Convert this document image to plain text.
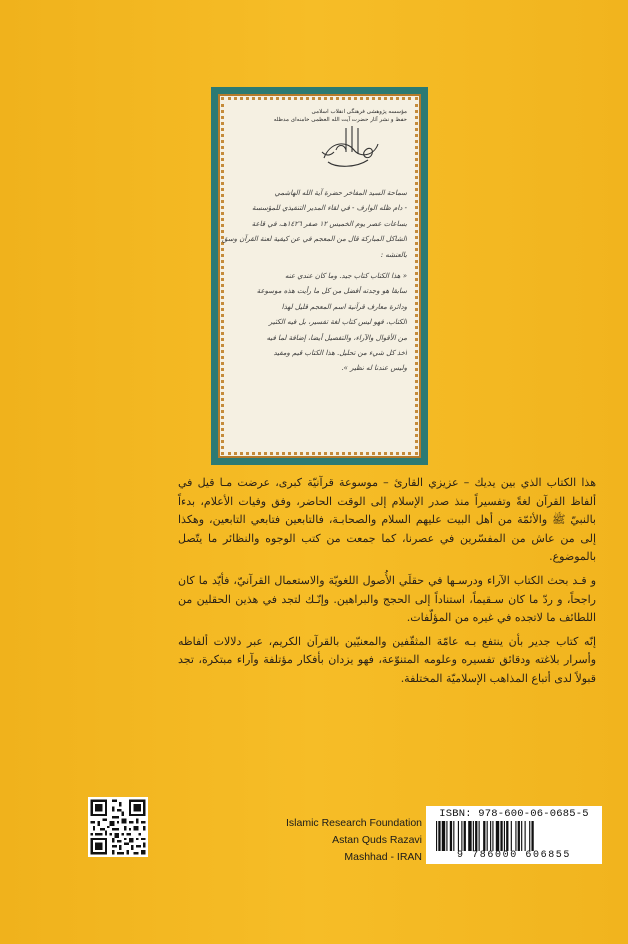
مؤسسه پژوهشی فرهنگی انقلاب اسلامی
حفظ و نشر آثار حضرت آیت الله العظمی خامنه‌ای مدظله
سماحة السيد المفاخر حضرة آية الله الهاشمي
- دام ظله الوارف - في لقاء المدير التنفيذي للمؤسسة
بساعات عصر يوم الخميس ١٢ صفر ١٤٢٦هـ، في قاعة
الشاكل المباركة قال من المعجم في عن كيفية لعنة القرآن وسق
بالعنشه :
« هذا الكتاب كتاب جيد. وما كان عندي عنه
سابقا هو وجدته أفضل من كل ما رأيت هذه موسوعة
ودائرة معارف قرآنية اسم المعجم قليل لهذا
الكتاب، فهو ليس كتاب لغة تفسير، بل فيه الكثير
من الأقوال والآراء، والتفصيل أيضا، إضافة لما فيه
أخذ كل شيء من تحليل. هذا الكتاب قيم ومفيد
وليس عندنا له نظير ».

هذا الكتاب الذي بين يديك – عزيزي القارئ – موسوعة قرآنيّة كبرى، عرضت مـا قيل في ألفاظ القرآن لغةً وتفسيراً منذ صدر الإسلام إلى الوقت الحاضر، وفق وفيات الأعلام، بدءاً بالنبيّ ﷺ والأئمّة من أهل البيت عليهم السلام والصحابـة، فالتابعين فتابعي التابعين، وهكذا إلى من عاش من المفسّرين في عصرنا، كما جمعت من كتب الوجوه والنظائر ما يتّصل بالموضوع.

و قـد بحث الكتاب الآراء ودرسـها في حقلَي الأُصول اللغويّة والاستعمال القرآنيّ، فأيّد ما كان راجحاً، و ردّ ما كان سـقيماً، استناداً إلى الحجج والبراهين. وإنّـك لتجد في هذين الحقلين من اللطائف ما لاتجده في غيره من المؤلّفات.

إنّه كتاب جدير بأن ينتفع بـه عامّة المثقّفين والمعنيّين بالقرآن الكريم، عبر دلالات ألفاظه وأسرار بلاغته ودقائق تفسيره وعلومه المتنوّعة، فهو يزدان بأفكار مؤتلفة وآراء مبتكرة، تجد قبولاً لدى أتباع المذاهب الإسلاميّة المختلفة.

Islamic Research Foundation
Astan Quds Razavi
Mashhad - IRAN
ISBN: 978-600-06-0685-5
9 786000 606855
